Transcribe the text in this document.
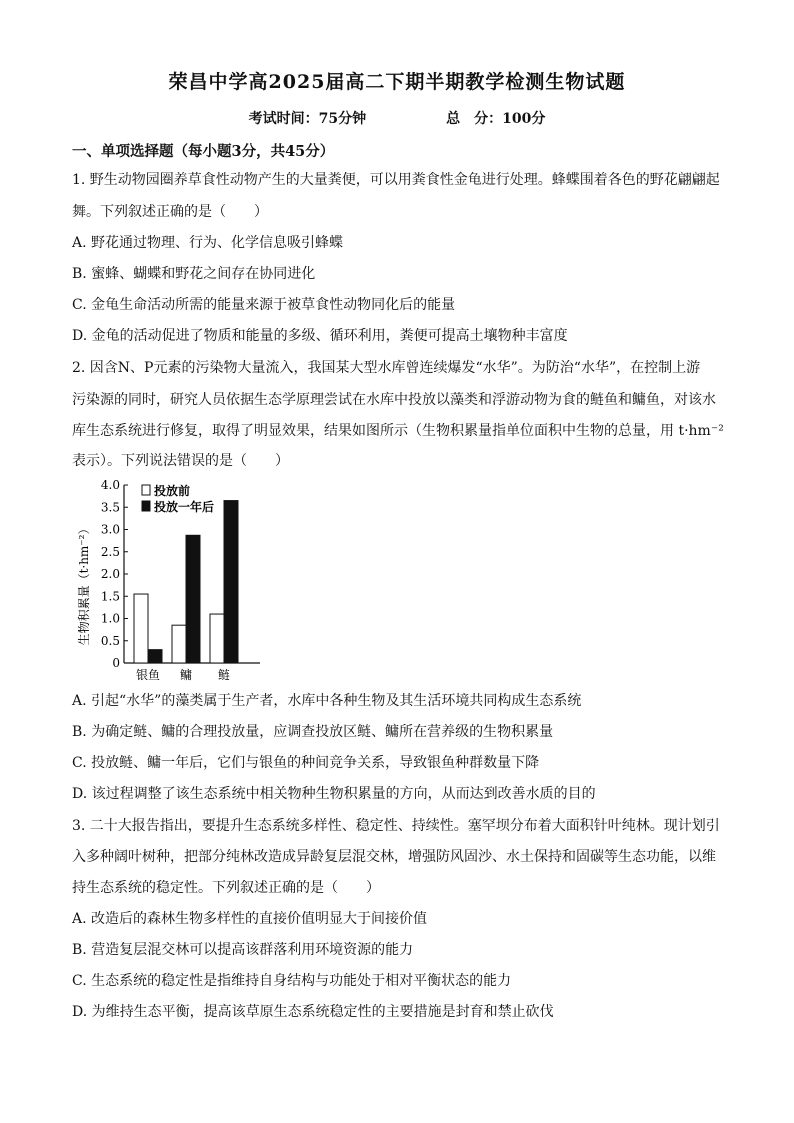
荣昌中学高2025届高二下期半期教学检测生物试题
考试时间：75分钟	总　分：100分
一、单项选择题（每小题3分，共45分）
1. 野生动物园圈养草食性动物产生的大量粪便，可以用粪食性金龟进行处理。蜂蝶围着各色的野花翩翩起
舞。下列叙述正确的是（　　）
A. 野花通过物理、行为、化学信息吸引蜂蝶
B. 蜜蜂、蝴蝶和野花之间存在协同进化
C. 金龟生命活动所需的能量来源于被草食性动物同化后的能量
D. 金龟的活动促进了物质和能量的多级、循环利用，粪便可提高土壤物种丰富度
2. 因含N、P元素的污染物大量流入，我国某大型水库曾连续爆发“水华”。为防治“水华”，在控制上游
污染源的同时，研究人员依据生态学原理尝试在水库中投放以藻类和浮游动物为食的鲢鱼和鳙鱼，对该水
库生态系统进行修复，取得了明显效果，结果如图所示（生物积累量指单位面积中生物的总量，用 t·hm⁻²
表示）。下列说法错误的是（　　）
0
0.5
1.0
1.5
2.0
2.5
3.0
3.5
4.0
生物积累量（t·hm⁻²）
银鱼 鳙 鲢
投放前
投放一年后
A. 引起“水华”的藻类属于生产者，水库中各种生物及其生活环境共同构成生态系统
B. 为确定鲢、鳙的合理投放量，应调查投放区鲢、鳙所在营养级的生物积累量
C. 投放鲢、鳙一年后，它们与银鱼的种间竞争关系，导致银鱼种群数量下降
D. 该过程调整了该生态系统中相关物种生物积累量的方向，从而达到改善水质的目的
3. 二十大报告指出，要提升生态系统多样性、稳定性、持续性。塞罕坝分布着大面积针叶纯林。现计划引
入多种阔叶树种，把部分纯林改造成异龄复层混交林，增强防风固沙、水土保持和固碳等生态功能，以维
持生态系统的稳定性。下列叙述正确的是（　　）
A. 改造后的森林生物多样性的直接价值明显大于间接价值
B. 营造复层混交林可以提高该群落利用环境资源的能力
C. 生态系统的稳定性是指维持自身结构与功能处于相对平衡状态的能力
D. 为维持生态平衡，提高该草原生态系统稳定性的主要措施是封育和禁止砍伐
